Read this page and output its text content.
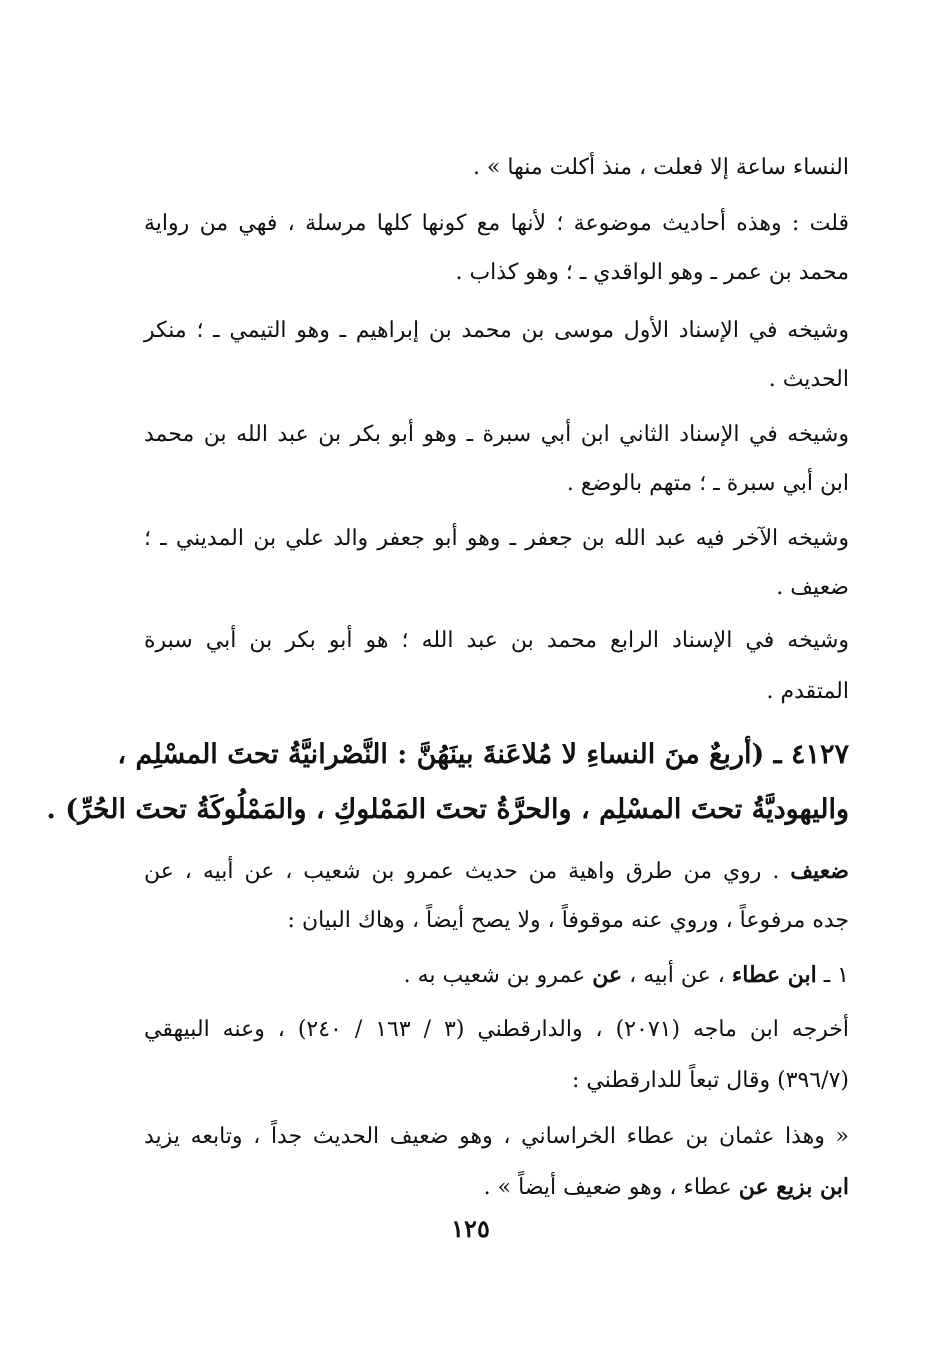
النساء ساعة إلا فعلت ، منذ أكلت منها » .
قلت : وهذه أحاديث موضوعة ؛ لأنها مع كونها كلها مرسلة ، فهي من رواية
محمد بن عمر ـ وهو الواقدي ـ ؛ وهو كذاب .
وشيخه في الإسناد الأول موسى بن محمد بن إبراهيم ـ وهو التيمي ـ ؛ منكر
الحديث .
وشيخه في الإسناد الثاني ابن أبي سبرة ـ وهو أبو بكر بن عبد الله بن محمد
ابن أبي سبرة ـ ؛ متهم بالوضع .
وشيخه الآخر فيه عبد الله بن جعفر ـ وهو أبو جعفر والد علي بن المديني ـ ؛
ضعيف .
وشيخه في الإسناد الرابع محمد بن عبد الله ؛ هو أبو بكر بن أبي سبرة
المتقدم .
٤١٢٧ ـ (أربعٌ منَ النساءِ لا مُلاعَنةَ بينَهُنَّ : النَّصْرانيَّةُ تحتَ المسْلِم ،
واليهوديَّةُ تحتَ المسْلِم ، والحرَّةُ تحتَ المَمْلوكِ ، والمَمْلُوكَةُ تحتَ الحُرِّ) .
ضعيف . روي من طرق واهية من حديث عمرو بن شعيب ، عن أبيه ، عن
جده مرفوعاً ، وروي عنه موقوفاً ، ولا يصح أيضاً ، وهاك البيان :
١ ـ ابن عطاء ، عن أبيه ، عن عمرو بن شعيب به .
أخرجه ابن ماجه (٢٠٧١) ، والدارقطني (٣ / ١٦٣ / ٢٤٠) ، وعنه البيهقي
(٣٩٦/٧) وقال تبعاً للدارقطني :
« وهذا عثمان بن عطاء الخراساني ، وهو ضعيف الحديث جداً ، وتابعه يزيد
ابن بزيع عن عطاء ، وهو ضعيف أيضاً » .
١٢٥
